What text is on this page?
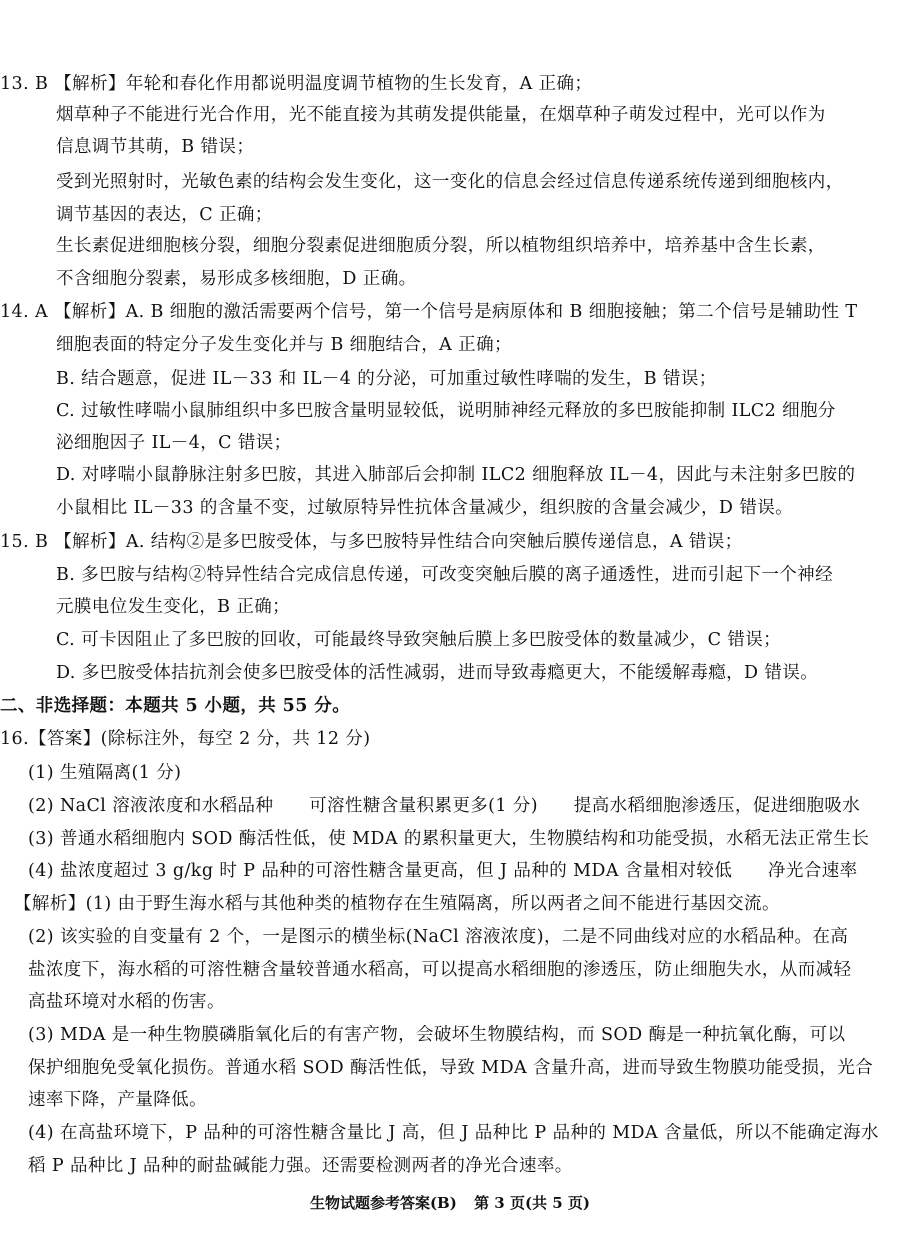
13. B 【解析】年轮和春化作用都说明温度调节植物的生长发育，A 正确；
烟草种子不能进行光合作用，光不能直接为其萌发提供能量，在烟草种子萌发过程中，光可以作为
信息调节其萌，B 错误；
受到光照射时，光敏色素的结构会发生变化，这一变化的信息会经过信息传递系统传递到细胞核内，
调节基因的表达，C 正确；
生长素促进细胞核分裂，细胞分裂素促进细胞质分裂，所以植物组织培养中，培养基中含生长素，
不含细胞分裂素，易形成多核细胞，D 正确。
14. A 【解析】A. B 细胞的激活需要两个信号，第一个信号是病原体和 B 细胞接触；第二个信号是辅助性 T
细胞表面的特定分子发生变化并与 B 细胞结合，A 正确；
B. 结合题意，促进 IL－33 和 IL－4 的分泌，可加重过敏性哮喘的发生，B 错误；
C. 过敏性哮喘小鼠肺组织中多巴胺含量明显较低，说明肺神经元释放的多巴胺能抑制 ILC2 细胞分
泌细胞因子 IL－4，C 错误；
D. 对哮喘小鼠静脉注射多巴胺，其进入肺部后会抑制 ILC2 细胞释放 IL－4，因此与未注射多巴胺的
小鼠相比 IL－33 的含量不变，过敏原特异性抗体含量减少，组织胺的含量会减少，D 错误。
15. B 【解析】A. 结构②是多巴胺受体，与多巴胺特异性结合向突触后膜传递信息，A 错误；
B. 多巴胺与结构②特异性结合完成信息传递，可改变突触后膜的离子通透性，进而引起下一个神经
元膜电位发生变化，B 正确；
C. 可卡因阻止了多巴胺的回收，可能最终导致突触后膜上多巴胺受体的数量减少，C 错误；
D. 多巴胺受体拮抗剂会使多巴胺受体的活性减弱，进而导致毒瘾更大，不能缓解毒瘾，D 错误。
二、非选择题：本题共 5 小题，共 55 分。
16.【答案】(除标注外，每空 2 分，共 12 分)
(1) 生殖隔离(1 分)
(2) NaCl 溶液浓度和水稻品种　　可溶性糖含量积累更多(1 分)　　提高水稻细胞渗透压，促进细胞吸水
(3) 普通水稻细胞内 SOD 酶活性低，使 MDA 的累积量更大，生物膜结构和功能受损，水稻无法正常生长
(4) 盐浓度超过 3 g/kg 时 P 品种的可溶性糖含量更高，但 J 品种的 MDA 含量相对较低　　净光合速率
【解析】(1) 由于野生海水稻与其他种类的植物存在生殖隔离，所以两者之间不能进行基因交流。
(2) 该实验的自变量有 2 个，一是图示的横坐标(NaCl 溶液浓度)，二是不同曲线对应的水稻品种。在高
盐浓度下，海水稻的可溶性糖含量较普通水稻高，可以提高水稻细胞的渗透压，防止细胞失水，从而减轻
高盐环境对水稻的伤害。
(3) MDA 是一种生物膜磷脂氧化后的有害产物，会破坏生物膜结构，而 SOD 酶是一种抗氧化酶，可以
保护细胞免受氧化损伤。普通水稻 SOD 酶活性低，导致 MDA 含量升高，进而导致生物膜功能受损，光合
速率下降，产量降低。
(4) 在高盐环境下，P 品种的可溶性糖含量比 J 高，但 J 品种比 P 品种的 MDA 含量低，所以不能确定海水
稻 P 品种比 J 品种的耐盐碱能力强。还需要检测两者的净光合速率。
生物试题参考答案(B) 第 3 页(共 5 页)
